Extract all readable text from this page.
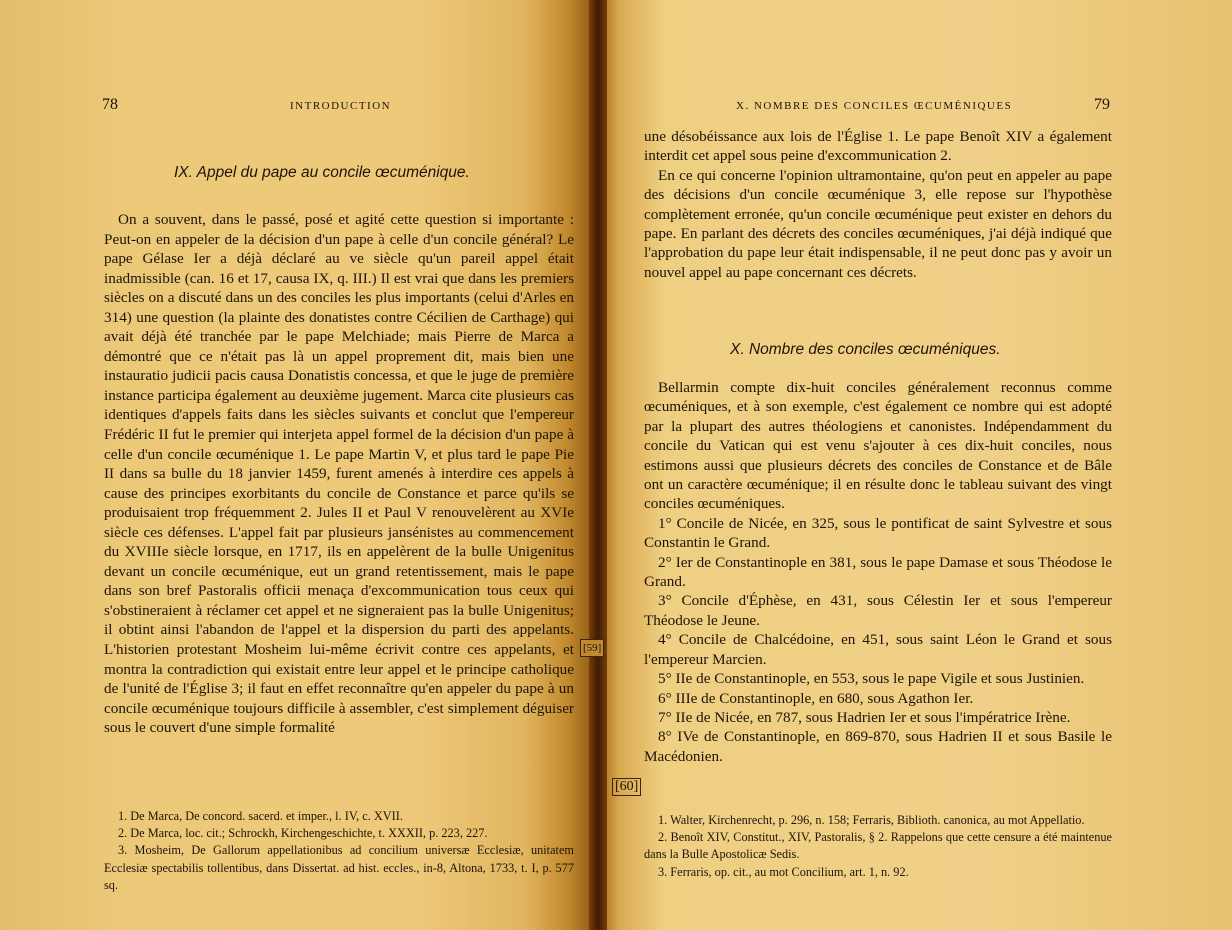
78	INTRODUCTION
IX. Appel du pape au concile œcuménique.

On a souvent, dans le passé, posé et agité cette question si importante : Peut-on en appeler de la décision d'un pape à celle d'un concile général? Le pape Gélase Ier a déjà déclaré au ve siècle qu'un pareil appel était inadmissible (can. 16 et 17, causa IX, q. III.) Il est vrai que dans les premiers siècles on a discuté dans un des conciles les plus importants (celui d'Arles en 314) une question (la plainte des donatistes contre Cécilien de Carthage) qui avait déjà été tranchée par le pape Melchiade; mais Pierre de Marca a démontré que ce n'était pas là un appel proprement dit, mais bien une instauratio judicii pacis causa Donatistis concessa, et que le juge de première instance participa également au deuxième jugement. Marca cite plusieurs cas identiques d'appels faits dans les siècles suivants et conclut que l'empereur Frédéric II fut le premier qui interjeta appel formel de la décision d'un pape à celle d'un concile œcuménique 1. Le pape Martin V, et plus tard le pape Pie II dans sa bulle du 18 janvier 1459, furent amenés à interdire ces appels à cause des principes exorbitants du concile de Constance et parce qu'ils se produisaient trop fréquemment 2. Jules II et Paul V renouvelèrent au XVIe siècle ces défenses. L'appel fait par plusieurs jansénistes au commencement du XVIIIe siècle lorsque, en 1717, ils en appelèrent de la bulle Unigenitus devant un concile œcuménique, eut un grand retentissement, mais le pape dans son bref Pastoralis officii menaça d'excommunication tous ceux qui s'obstineraient à réclamer cet appel et ne signeraient pas la bulle Unigenitus; il obtint ainsi l'abandon de l'appel et la dispersion du parti des appelants. L'historien protestant Mosheim lui-même écrivit contre ces appelants, et montra la contradiction qui existait entre leur appel et le principe catholique de l'unité de l'Église 3; il faut en effet reconnaître qu'en appeler du pape à un concile œcuménique toujours difficile à assembler, c'est simplement déguiser sous le couvert d'une simple formalité

1. De Marca, De concord. sacerd. et imper., l. IV, c. XVII.

2. De Marca, loc. cit.; Schrockh, Kirchengeschichte, t. XXXII, p. 223, 227.

3. Mosheim, De Gallorum appellationibus ad concilium universæ Ecclesiæ, unitatem Ecclesiæ spectabilis tollentibus, dans Dissertat. ad hist. eccles., in-8, Altona, 1733, t. I, p. 577 sq.

X. NOMBRE DES CONCILES ŒCUMÉNIQUES	79

une désobéissance aux lois de l'Église 1. Le pape Benoît XIV a également interdit cet appel sous peine d'excommunication 2.

En ce qui concerne l'opinion ultramontaine, qu'on peut en appeler au pape des décisions d'un concile œcuménique 3, elle repose sur l'hypothèse complètement erronée, qu'un concile œcuménique peut exister en dehors du pape. En parlant des décrets des conciles œcuméniques, j'ai déjà indiqué que l'approbation du pape leur était indispensable, il ne peut donc pas y avoir un nouvel appel au pape concernant ces décrets.

X. Nombre des conciles œcuméniques.

Bellarmin compte dix-huit conciles généralement reconnus comme œcuméniques, et à son exemple, c'est également ce nombre qui est adopté par la plupart des autres théologiens et canonistes. Indépendamment du concile du Vatican qui est venu s'ajouter à ces dix-huit conciles, nous estimons aussi que plusieurs décrets des conciles de Constance et de Bâle ont un caractère œcuménique; il en résulte donc le tableau suivant des vingt conciles œcuméniques.

1° Concile de Nicée, en 325, sous le pontificat de saint Sylvestre et sous Constantin le Grand.

2° Ier de Constantinople en 381, sous le pape Damase et sous Théodose le Grand.

3° Concile d'Éphèse, en 431, sous Célestin Ier et sous l'empereur Théodose le Jeune.

4° Concile de Chalcédoine, en 451, sous saint Léon le Grand et sous l'empereur Marcien.

5° IIe de Constantinople, en 553, sous le pape Vigile et sous Justinien.

6° IIIe de Constantinople, en 680, sous Agathon Ier.

7° IIe de Nicée, en 787, sous Hadrien Ier et sous l'impératrice Irène.

8° IVe de Constantinople, en 869-870, sous Hadrien II et sous Basile le Macédonien.

1. Walter, Kirchenrecht, p. 296, n. 158; Ferraris, Biblioth. canonica, au mot Appellatio.

2. Benoît XIV, Constitut., XIV, Pastoralis, § 2. Rappelons que cette censure a été maintenue dans la Bulle Apostolicæ Sedis.

3. Ferraris, op. cit., au mot Concilium, art. 1, n. 92.

[60]
[59]
